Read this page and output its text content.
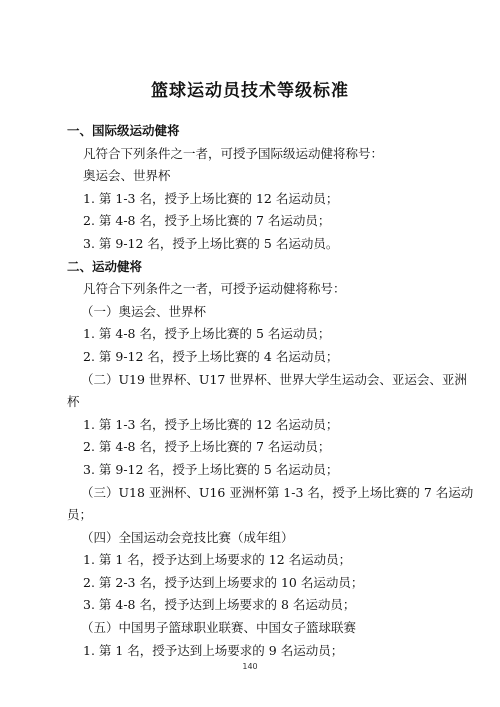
篮球运动员技术等级标准
一、国际级运动健将
凡符合下列条件之一者，可授予国际级运动健将称号：
奥运会、世界杯
1. 第 1-3 名，授予上场比赛的 12 名运动员；
2. 第 4-8 名，授予上场比赛的 7 名运动员；
3. 第 9-12 名，授予上场比赛的 5 名运动员。
二、运动健将
凡符合下列条件之一者，可授予运动健将称号：
（一）奥运会、世界杯
1. 第 4-8 名，授予上场比赛的 5 名运动员；
2. 第 9-12 名，授予上场比赛的 4 名运动员；
（二）U19 世界杯、U17 世界杯、世界大学生运动会、亚运会、亚洲
杯
1. 第 1-3 名，授予上场比赛的 12 名运动员；
2. 第 4-8 名，授予上场比赛的 7 名运动员；
3. 第 9-12 名，授予上场比赛的 5 名运动员；
（三）U18 亚洲杯、U16 亚洲杯第 1-3 名，授予上场比赛的 7 名运动
员；
（四）全国运动会竞技比赛（成年组）
1. 第 1 名，授予达到上场要求的 12 名运动员；
2. 第 2-3 名，授予达到上场要求的 10 名运动员；
3. 第 4-8 名，授予达到上场要求的 8 名运动员；
（五）中国男子篮球职业联赛、中国女子篮球联赛
1. 第 1 名，授予达到上场要求的 9 名运动员；
140
